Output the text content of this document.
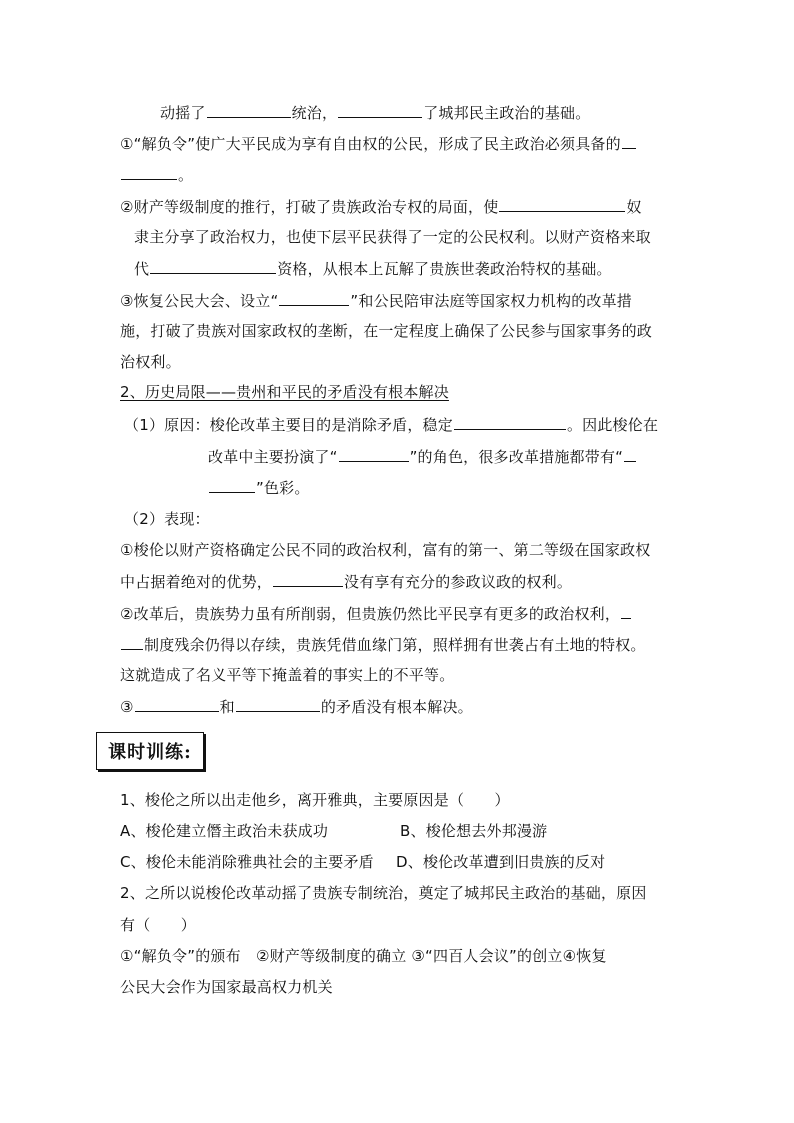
动摇了	统治，	了城邦民主政治的基础。
①“解负令”使广大平民成为享有自由权的公民，形成了民主政治必须具备的
。
②财产等级制度的推行，打破了贵族政治专权的局面，使	奴
隶主分享了政治权力，也使下层平民获得了一定的公民权利。以财产资格来取
代	资格，从根本上瓦解了贵族世袭政治特权的基础。
③恢复公民大会、设立“	”和公民陪审法庭等国家权力机构的改革措
施，打破了贵族对国家政权的垄断，在一定程度上确保了公民参与国家事务的政
治权利。
2、历史局限——贵州和平民的矛盾没有根本解决
（1）原因：梭伦改革主要目的是消除矛盾，稳定	。因此梭伦在
改革中主要扮演了“	”的角色，很多改革措施都带有“
”色彩。
（2）表现：
①梭伦以财产资格确定公民不同的政治权利，富有的第一、第二等级在国家政权
中占据着绝对的优势，	没有享有充分的参政议政的权利。
②改革后，贵族势力虽有所削弱，但贵族仍然比平民享有更多的政治权利，
制度残余仍得以存续，贵族凭借血缘门第，照样拥有世袭占有土地的特权。
这就造成了名义平等下掩盖着的事实上的不平等。
③	和	的矛盾没有根本解决。
课时训练:
1、梭伦之所以出走他乡，离开雅典，主要原因是（　　）
A、梭伦建立僭主政治未获成功	B、梭伦想去外邦漫游
C、梭伦未能消除雅典社会的主要矛盾 D、梭伦改革遭到旧贵族的反对
2、之所以说梭伦改革动摇了贵族专制统治，奠定了城邦民主政治的基础，原因
有（　　）
①“解负令”的颁布　②财产等级制度的确立 ③“四百人会议”的创立④恢复
公民大会作为国家最高权力机关
